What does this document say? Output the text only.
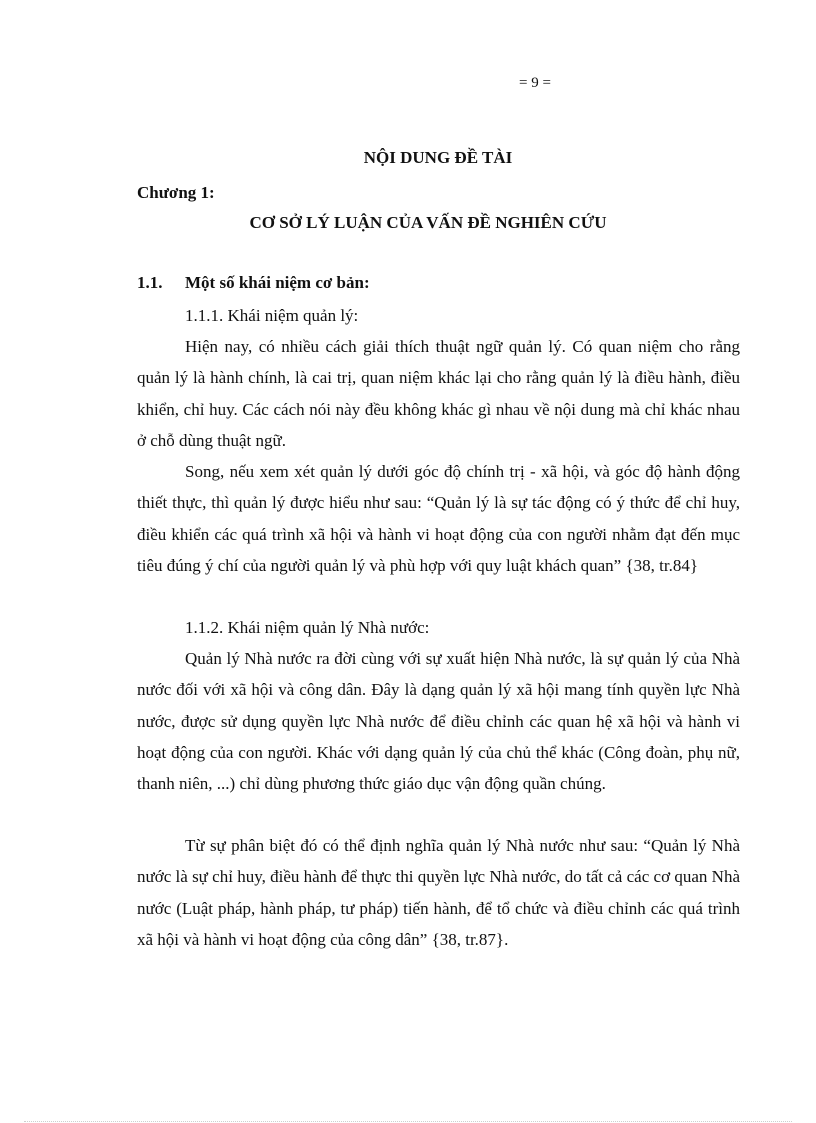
= 9 =
NỘI DUNG ĐỀ TÀI
Chương 1:
CƠ SỞ LÝ LUẬN CỦA VẤN ĐỀ NGHIÊN CỨU
1.1. Một số khái niệm cơ bản:
1.1.1. Khái niệm quản lý:

Hiện nay, có nhiều cách giải thích thuật ngữ quản lý. Có quan niệm cho rằng quản lý là hành chính, là cai trị, quan niệm khác lại cho rằng quản lý là điều hành, điều khiển, chỉ huy. Các cách nói này đều không khác gì nhau về nội dung mà chỉ khác nhau ở chỗ dùng thuật ngữ.

Song, nếu xem xét quản lý dưới góc độ chính trị - xã hội, và góc độ hành động thiết thực, thì quản lý được hiểu như sau: “Quản lý là sự tác động có ý thức để chỉ huy, điều khiển các quá trình xã hội và hành vi hoạt động của con người nhằm đạt đến mục tiêu đúng ý chí của người quản lý và phù hợp với quy luật khách quan” {38, tr.84}

1.1.2. Khái niệm quản lý Nhà nước:

Quản lý Nhà nước ra đời cùng với sự xuất hiện Nhà nước, là sự quản lý của Nhà nước đối với xã hội và công dân. Đây là dạng quản lý xã hội mang tính quyền lực Nhà nước, được sử dụng quyền lực Nhà nước để điều chỉnh các quan hệ xã hội và hành vi hoạt động của con người. Khác với dạng quản lý của chủ thể khác (Công đoàn, phụ nữ, thanh niên, ...) chỉ dùng phương thức giáo dục vận động quần chúng.

Từ sự phân biệt đó có thể định nghĩa quản lý Nhà nước như sau: “Quản lý Nhà nước là sự chỉ huy, điều hành để thực thi quyền lực Nhà nước, do tất cả các cơ quan Nhà nước (Luật pháp, hành pháp, tư pháp) tiến hành, để tổ chức và điều chỉnh các quá trình xã hội và hành vi hoạt động của công dân” {38, tr.87}.
